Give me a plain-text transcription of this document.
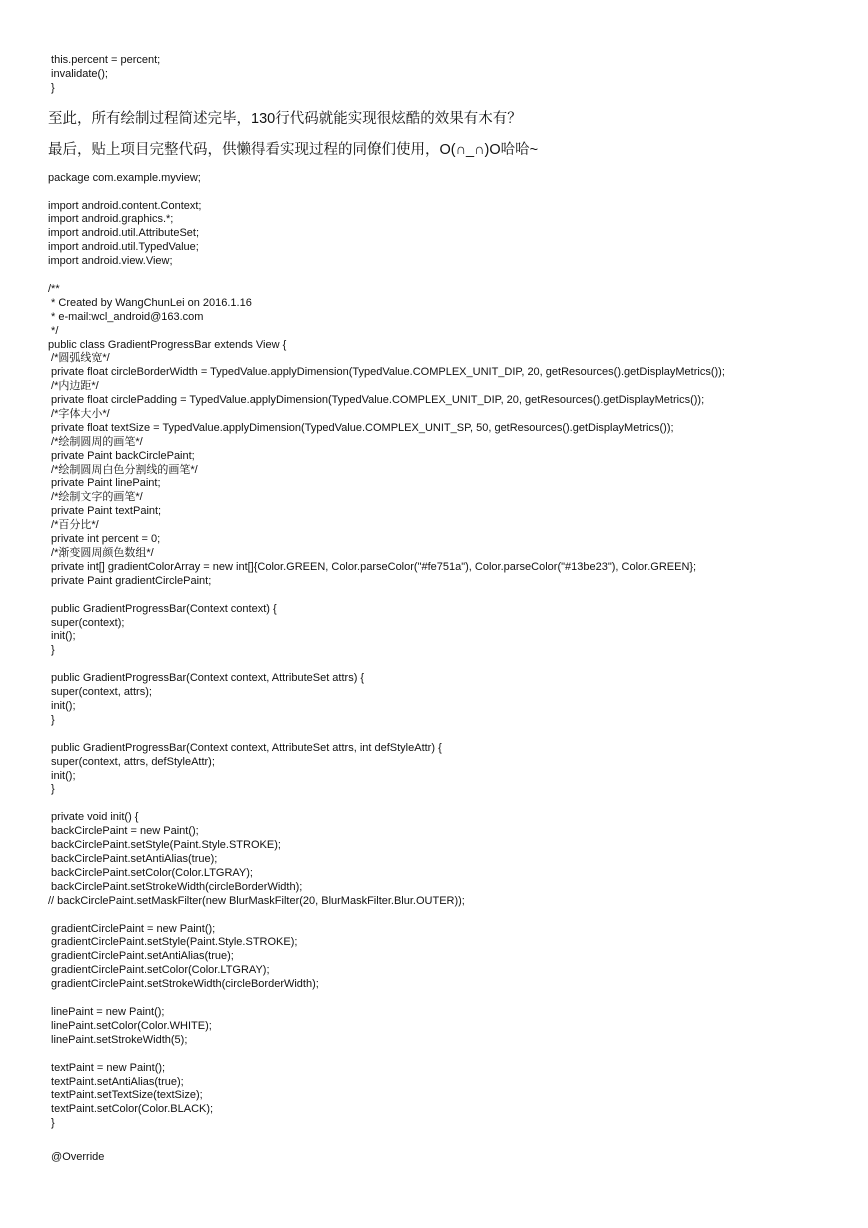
this.percent = percent;
invalidate();
}
至此，所有绘制过程简述完毕，130行代码就能实现很炫酷的效果有木有？
最后，贴上项目完整代码，供懒得看实现过程的同僚们使用，O(∩_∩)O哈哈~
package com.example.myview;
import android.content.Context;
import android.graphics.*;
import android.util.AttributeSet;
import android.util.TypedValue;
import android.view.View;
/**
* Created by WangChunLei on 2016.1.16
* e-mail:wcl_android@163.com
*/
public class GradientProgressBar extends View {
/*圆弧线宽*/
private float circleBorderWidth = TypedValue.applyDimension(TypedValue.COMPLEX_UNIT_DIP, 20, getResources().getDisplayMetrics());
/*内边距*/
private float circlePadding = TypedValue.applyDimension(TypedValue.COMPLEX_UNIT_DIP, 20, getResources().getDisplayMetrics());
/*字体大小*/
private float textSize = TypedValue.applyDimension(TypedValue.COMPLEX_UNIT_SP, 50, getResources().getDisplayMetrics());
/*绘制圆周的画笔*/
private Paint backCirclePaint;
/*绘制圆周白色分割线的画笔*/
private Paint linePaint;
/*绘制文字的画笔*/
private Paint textPaint;
/*百分比*/
private int percent = 0;
/*渐变圆周颜色数组*/
private int[] gradientColorArray = new int[]{Color.GREEN, Color.parseColor("#fe751a"), Color.parseColor("#13be23"), Color.GREEN};
private Paint gradientCirclePaint;
public GradientProgressBar(Context context) {
super(context);
init();
}
public GradientProgressBar(Context context, AttributeSet attrs) {
super(context, attrs);
init();
}
public GradientProgressBar(Context context, AttributeSet attrs, int defStyleAttr) {
super(context, attrs, defStyleAttr);
init();
}
private void init() {
backCirclePaint = new Paint();
backCirclePaint.setStyle(Paint.Style.STROKE);
backCirclePaint.setAntiAlias(true);
backCirclePaint.setColor(Color.LTGRAY);
backCirclePaint.setStrokeWidth(circleBorderWidth);
// backCirclePaint.setMaskFilter(new BlurMaskFilter(20, BlurMaskFilter.Blur.OUTER));
gradientCirclePaint = new Paint();
gradientCirclePaint.setStyle(Paint.Style.STROKE);
gradientCirclePaint.setAntiAlias(true);
gradientCirclePaint.setColor(Color.LTGRAY);
gradientCirclePaint.setStrokeWidth(circleBorderWidth);
linePaint = new Paint();
linePaint.setColor(Color.WHITE);
linePaint.setStrokeWidth(5);
textPaint = new Paint();
textPaint.setAntiAlias(true);
textPaint.setTextSize(textSize);
textPaint.setColor(Color.BLACK);
}
@Override
